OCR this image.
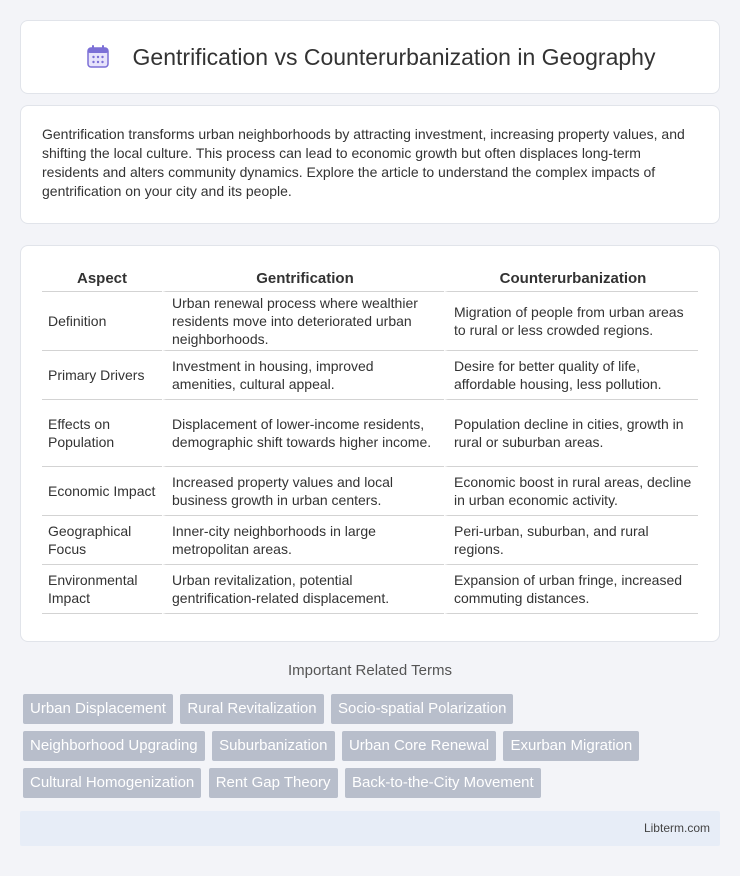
Gentrification vs Counterurbanization in Geography

Gentrification transforms urban neighborhoods by attracting investment, increasing property values, and shifting the local culture. This process can lead to economic growth but often displaces long-term residents and alters community dynamics. Explore the article to understand the complex impacts of gentrification on your city and its people.

Aspect	Gentrification	Counterurbanization
Definition	Urban renewal process where wealthier residents move into deteriorated urban neighborhoods.	Migration of people from urban areas to rural or less crowded regions.
Primary Drivers	Investment in housing, improved amenities, cultural appeal.	Desire for better quality of life, affordable housing, less pollution.
Effects on Population	Displacement of lower-income residents, demographic shift towards higher income.	Population decline in cities, growth in rural or suburban areas.
Economic Impact	Increased property values and local business growth in urban centers.	Economic boost in rural areas, decline in urban economic activity.
Geographical Focus	Inner-city neighborhoods in large metropolitan areas.	Peri-urban, suburban, and rural regions.
Environmental Impact	Urban revitalization, potential gentrification-related displacement.	Expansion of urban fringe, increased commuting distances.
Important Related Terms
Urban Displacement Rural Revitalization Socio-spatial Polarization
Neighborhood Upgrading Suburbanization Urban Core Renewal Exurban Migration
Cultural Homogenization Rent Gap Theory Back-to-the-City Movement
Libterm.com
